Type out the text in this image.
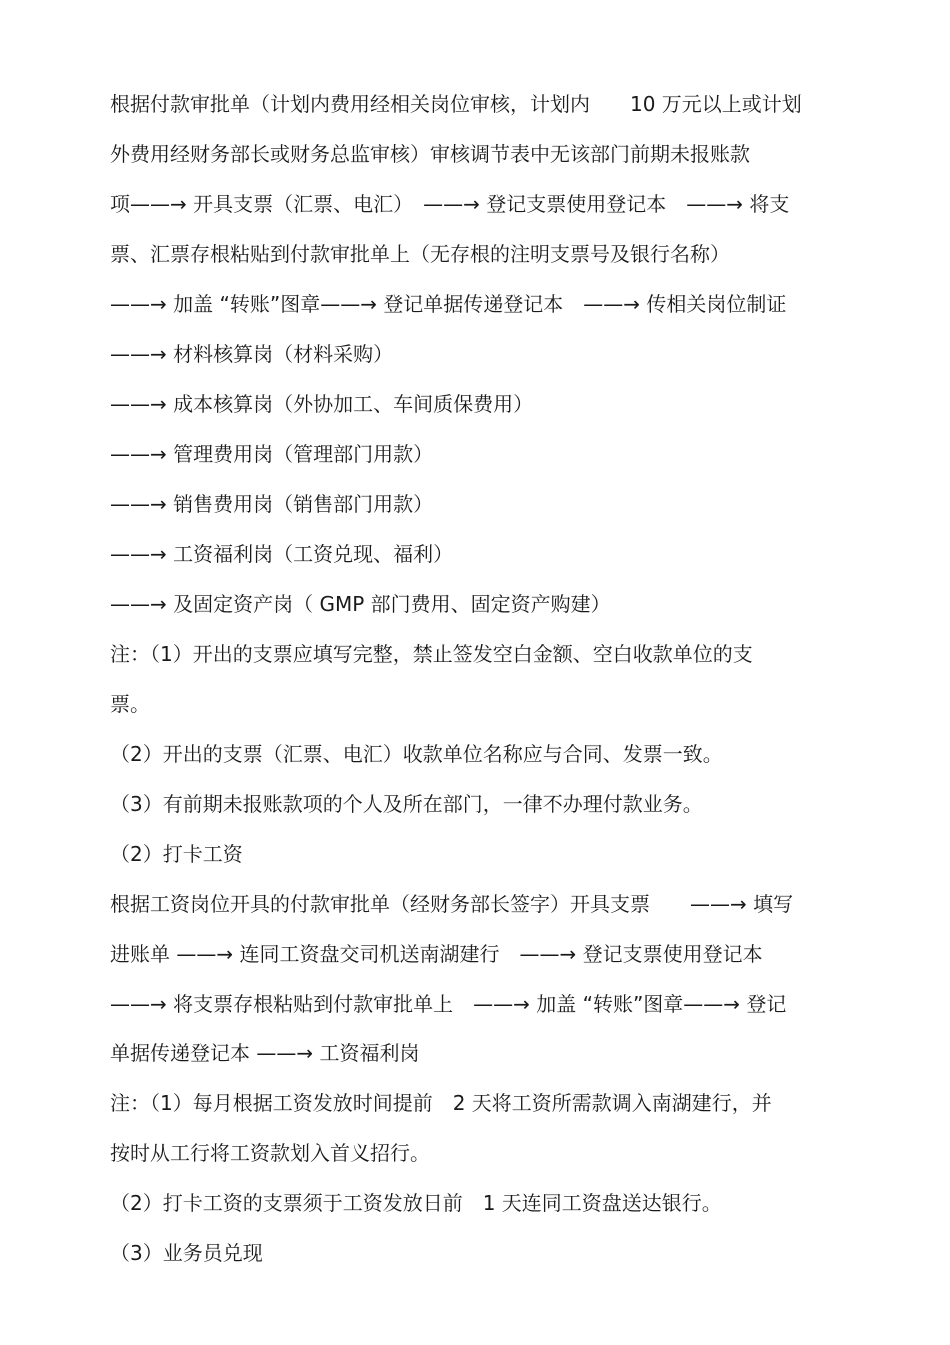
根据付款审批单（计划内费用经相关岗位审核，计划内　　10 万元以上或计划
外费用经财务部长或财务总监审核）审核调节表中无该部门前期未报账款
项——→ 开具支票（汇票、电汇）　——→ 登记支票使用登记本　——→ 将支
票、汇票存根粘贴到付款审批单上（无存根的注明支票号及银行名称）
——→ 加盖 “转账”图章——→ 登记单据传递登记本　——→ 传相关岗位制证
——→ 材料核算岗（材料采购）
——→ 成本核算岗（外协加工、车间质保费用）
——→ 管理费用岗（管理部门用款）
——→ 销售费用岗（销售部门用款）
——→ 工资福利岗（工资兑现、福利）
——→ 及固定资产岗（ GMP 部门费用、固定资产购建）
注：（1）开出的支票应填写完整，禁止签发空白金额、空白收款单位的支
票。
（2）开出的支票（汇票、电汇）收款单位名称应与合同、发票一致。
（3）有前期未报账款项的个人及所在部门，一律不办理付款业务。
（2）打卡工资
根据工资岗位开具的付款审批单（经财务部长签字）开具支票　　——→ 填写
进账单 ——→ 连同工资盘交司机送南湖建行　——→ 登记支票使用登记本
——→ 将支票存根粘贴到付款审批单上　——→ 加盖 “转账”图章——→ 登记
单据传递登记本 ——→ 工资福利岗
注：（1）每月根据工资发放时间提前　2 天将工资所需款调入南湖建行，并
按时从工行将工资款划入首义招行。
（2）打卡工资的支票须于工资发放日前　1 天连同工资盘送达银行。
（3）业务员兑现
